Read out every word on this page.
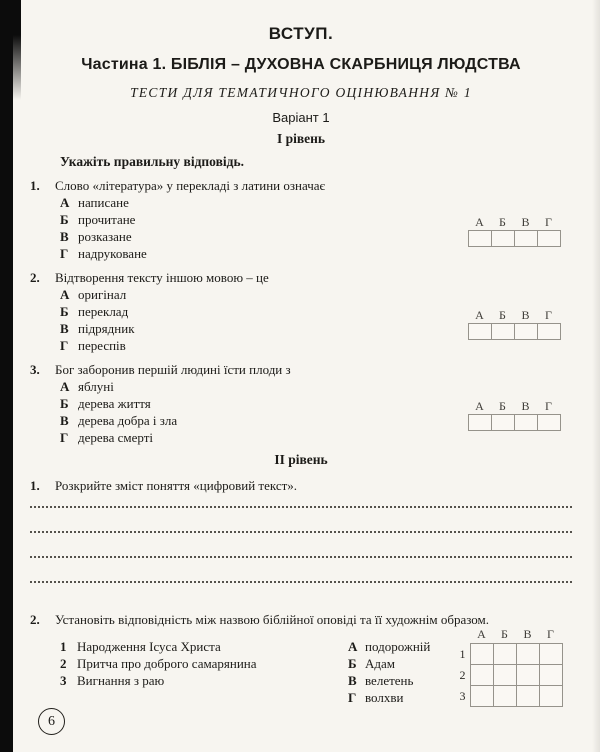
ВСТУП.
Частина 1. БІБЛІЯ – ДУХОВНА СКАРБНИЦЯ ЛЮДСТВА
ТЕСТИ ДЛЯ ТЕМАТИЧНОГО ОЦІНЮВАННЯ № 1
Варіант 1
І рівень
Укажіть правильну відповідь.
1.	Слово «література» у перекладі з латини означає
А написане
Б прочитане
В розказане
Г надруковане
2.	Відтворення тексту іншою мовою – це
А оригінал
Б переклад
В підрядник
Г переспів
3.	Бог заборонив першій людині їсти плоди з
А яблуні
Б дерева життя
В дерева добра і зла
Г дерева смерті
ІІ рівень
1.	Розкрийте зміст поняття «цифровий текст».
2.	Установіть відповідність між назвою біблійної оповіді та її художнім образом.
1 Народження Ісуса Христа
2 Притча про доброго самарянина
3 Вигнання з раю
А подорожній
Б Адам
В велетень
Г волхви
А	Б	В	Г
А	Б	В	Г
А	Б	В	Г
А	Б	В	Г
1
2
3
6
